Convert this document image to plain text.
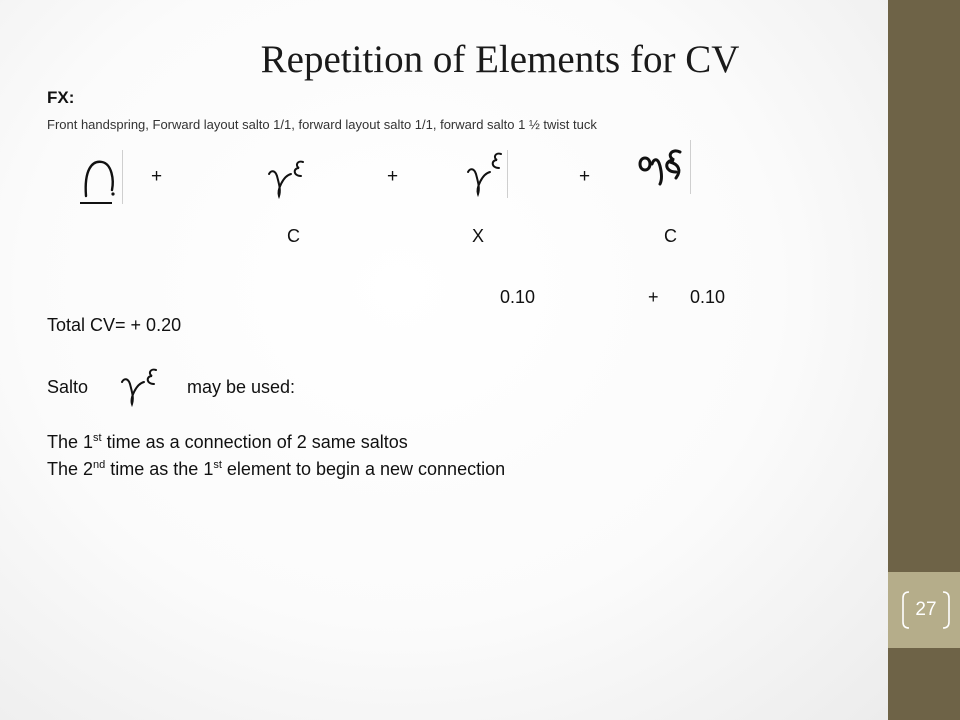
27
Repetition of Elements for CV
FX:
Front handspring, Forward layout salto 1/1, forward layout salto 1/1, forward salto 1 ½ twist tuck
+	+	+
C	X	C
0.10	+ 0.10
Total CV= + 0.20
Salto	may be used:
The 1st time as a connection of 2 same saltos
The 2nd time as the 1st element to begin a new connection
